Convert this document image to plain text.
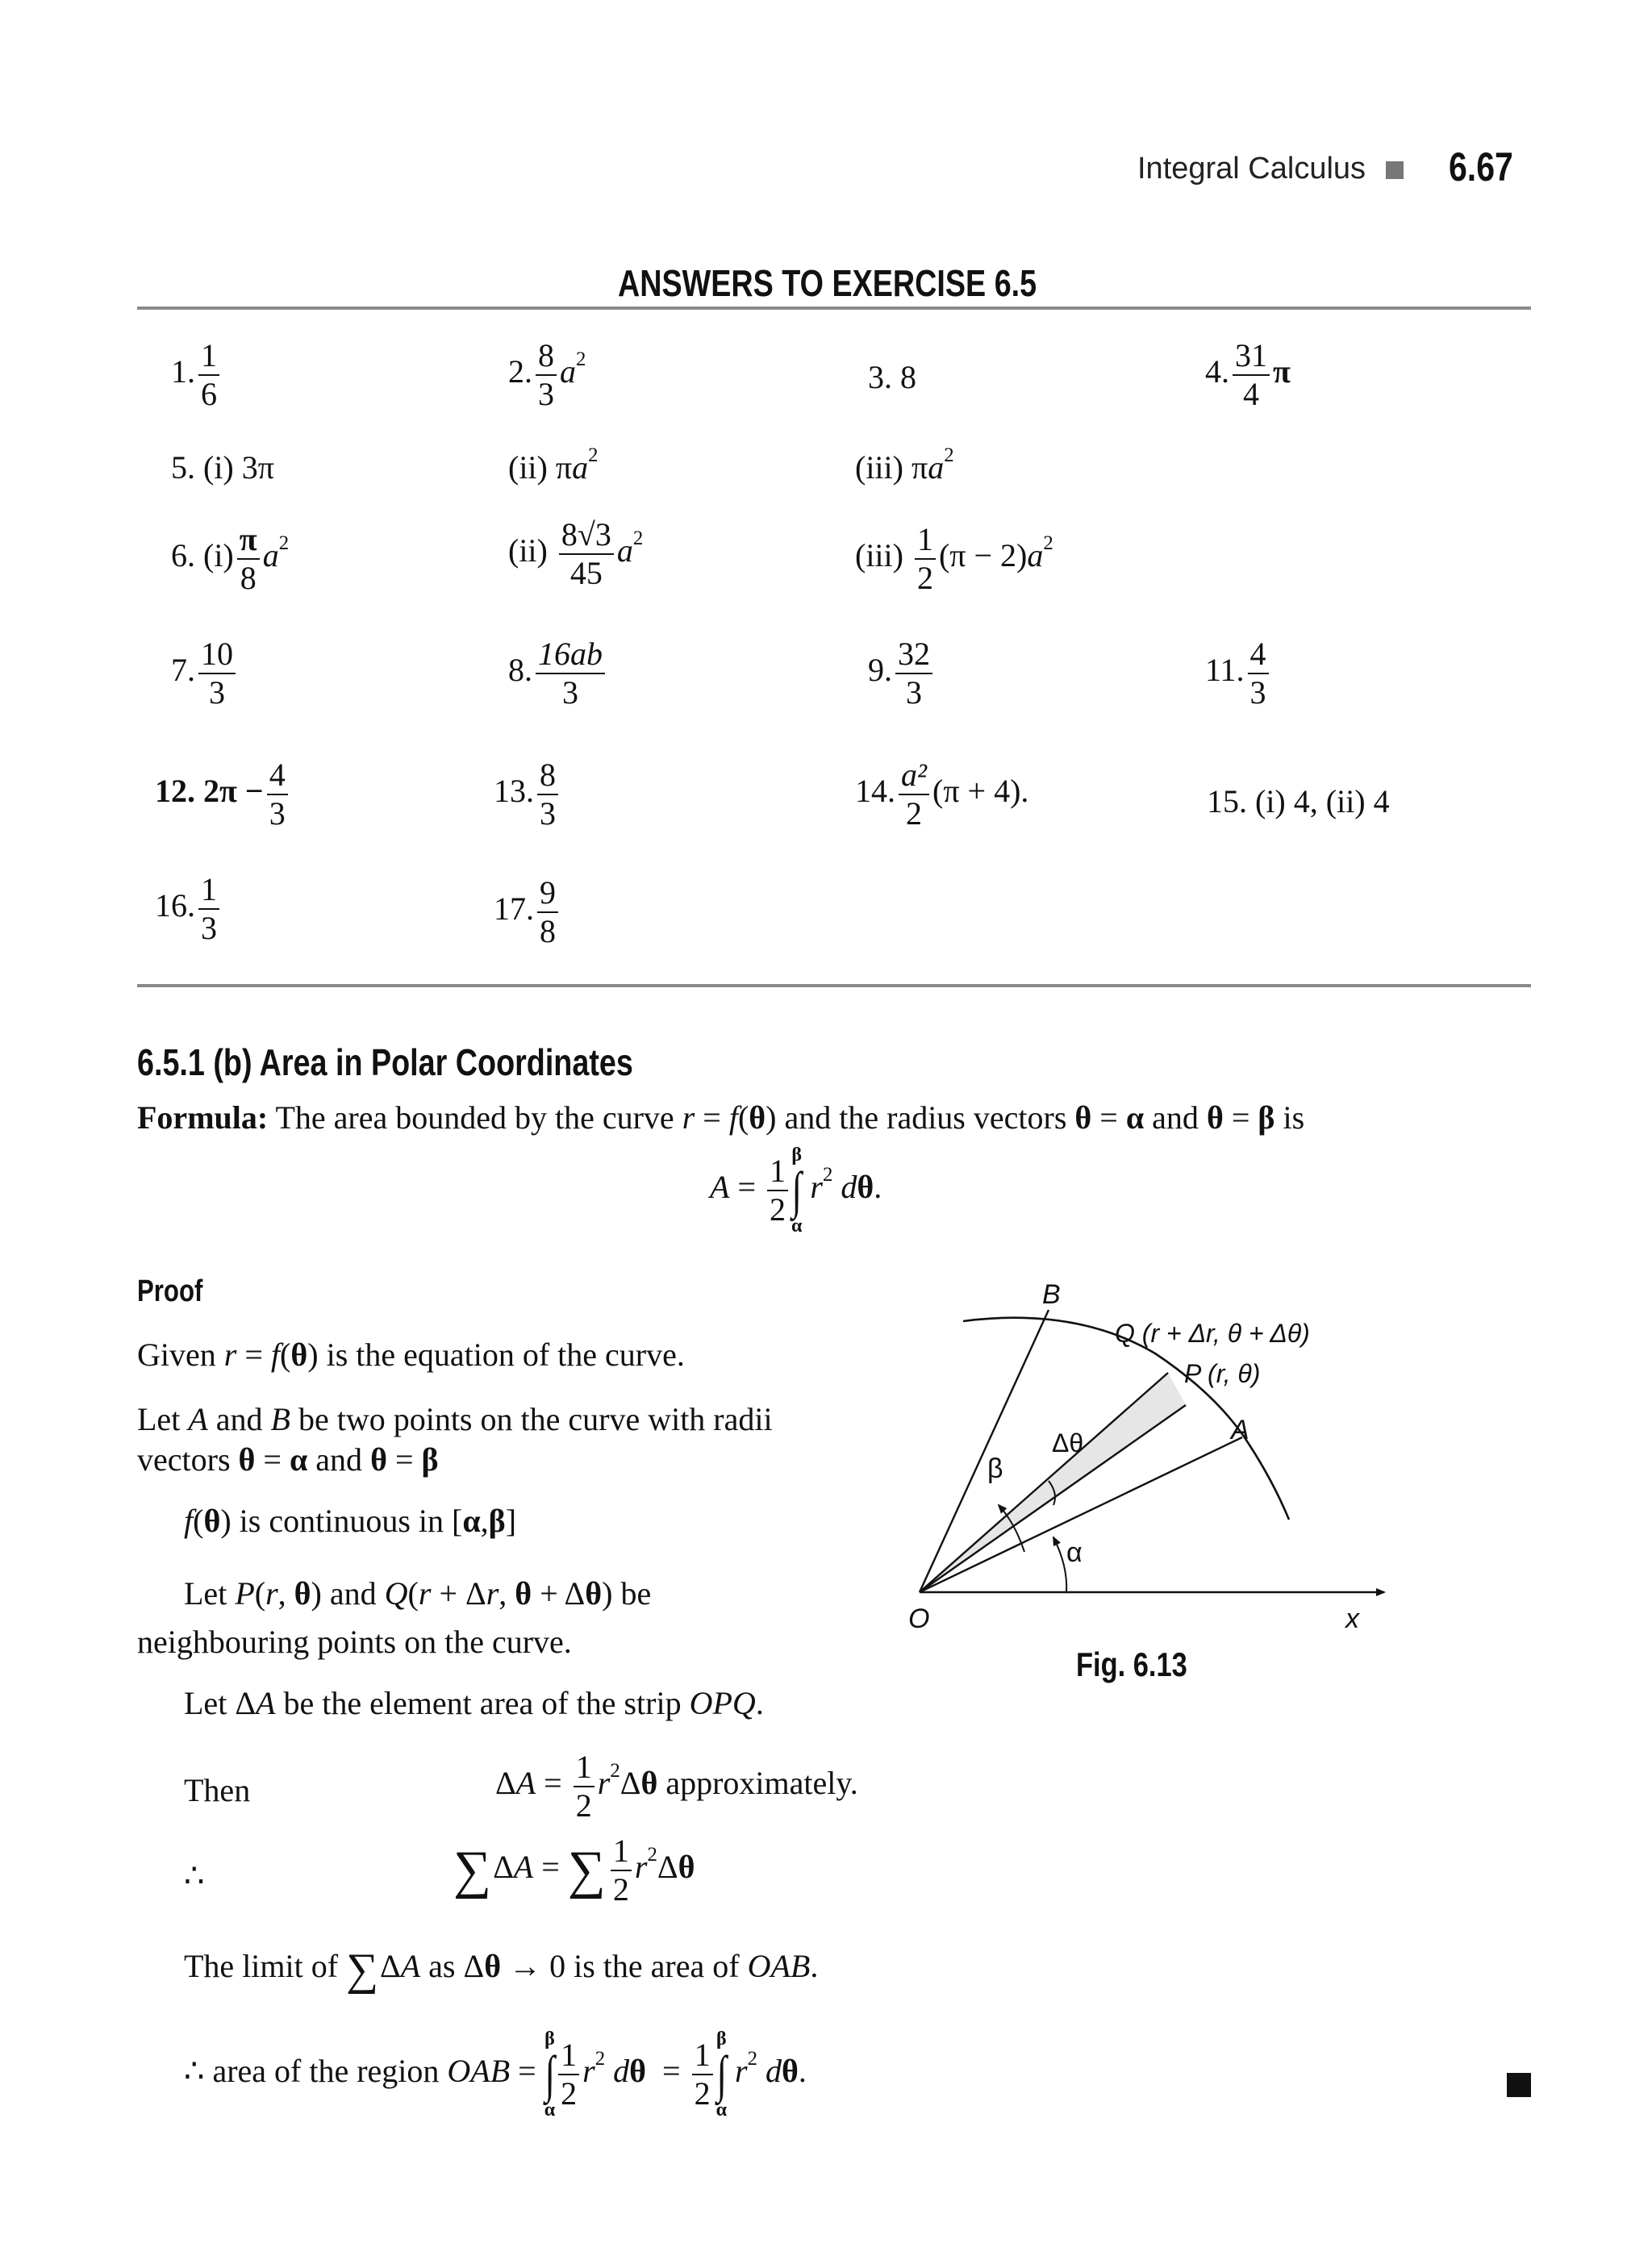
Integral Calculus 6.67
ANSWERS TO EXERCISE 6.5
1. $\frac{1}{6}$	2. $\frac{8}{3} a^2$	3. 8	4. $\frac{31}{4}$ π
5. (i) 3π	(ii) $\pi a^2$	(iii) $\pi a^2$
6. $(i) \frac{\pi}{8} a^2$	$(ii) \frac{8√3}{45} a^2$	$(iii) \frac{1}{2} (\pi - 2)a^2$
7. $\frac{10}{3}$	8. $\frac{16ab}{3}$	9. $\frac{32}{3}$	11. $\frac{4}{3}$
12. $2\pi - \frac{4}{3}$	13. $\frac{8}{3}$	14. $\frac{\text{a²}}{2} (\pi + 4)$.	15. (i) 4, (ii) 4
16. $\frac{1}{3}$	17. $\frac{9}{8}$
6.5.1 (b) Area in Polar Coordinates
Formula: The area bounded by the curve r = f(θ) and the radius vectors θ = α and θ = β is
$A = \frac{1}{2}$ β
∫
α
$r^2$ dθ.
Proof
Given r = f(θ) is the equation of the curve.
Let A and B be two points on the curve with radii
vectors θ = α and θ = β
f(θ) is continuous in [α,β]
Let P(r, θ) and Q(r + Δr, θ + Δθ) be
neighbouring points on the curve.
Let ΔA be the element area of the strip OPQ.
Then	$\Delta A = \frac{1}{2} r^2\Delta\theta$ approximately.
∴	∑ΔA = ∑ $\frac{1}{2} r^2\Delta\theta$
The limit of ∑ΔA as Δθ → 0 is the area of OAB.
∴ area of the region OAB =
β
∫
α $\frac{1}{2} r^2$ $d\theta = \frac{1}{2}$ β
∫
α
$r^2$ dθ.
B
Q (r + Δr, θ + Δθ)
P (r, θ)
A
Δθ
β
α
O	x
Fig. 6.13
